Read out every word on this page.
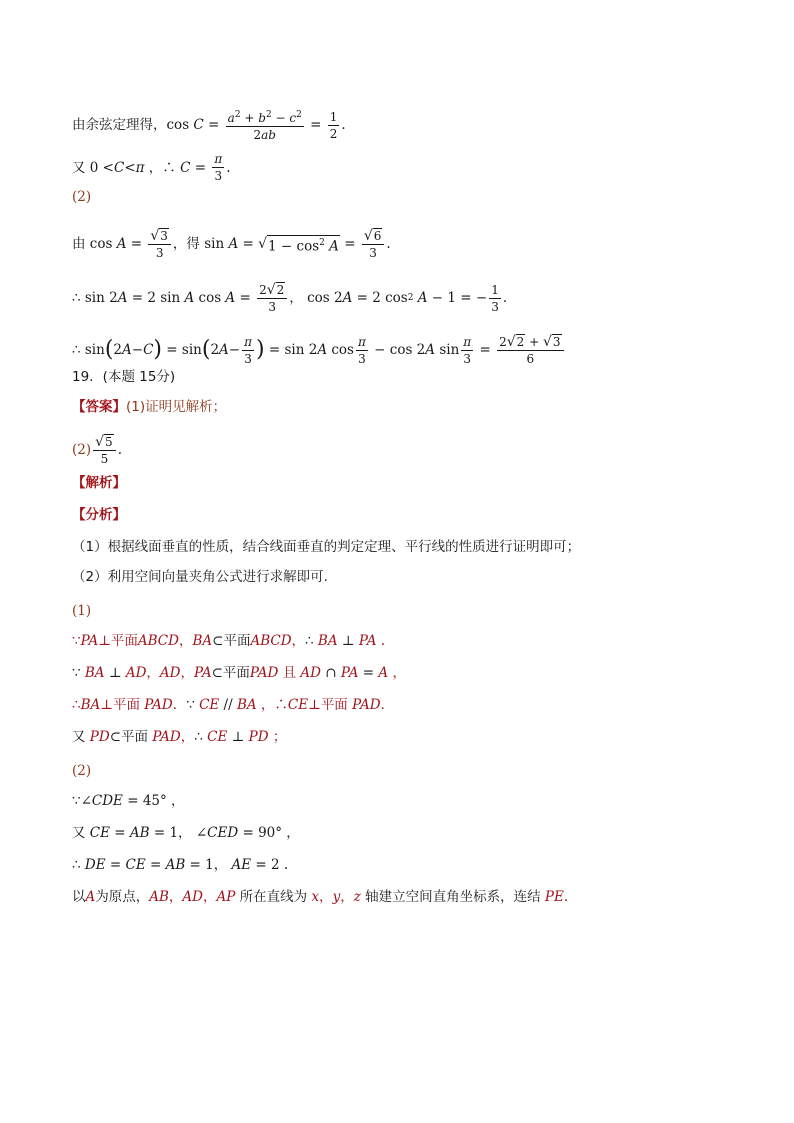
由余弦定理得， cos
$C = \frac{a^2 + b^2 - c^2}{2ab} = \frac{1}{2}$ .
又 0 < C < π ，∴ $C = \frac{\pi}{3}$ .
(2)
由 $\cos A = \frac{√ 3}{3}$ ，得 sin A = √ $1 - \cos^2 A = \frac{√ 6}{3}$ .
∴ sin 2 A = 2 sin A $\cos A = \frac{2 √ 2}{3}$ ， cos 2 A = 2 cos 2
A − 1 = − $\frac{1}{3}$ .
∴ sin ( 2 A − C ) = sin ( 2 $A - \frac{\pi}{3}$ ) = sin 2 A $\cos \frac{\pi}{3} - \cos 2$ A $\sin \frac{\pi}{3} = \frac{2 √ 2 + √ 3}{6}$
19．(本题 15分)
【答案】 (1)证明见解析；
$(2) \frac{√ 5}{5}$ .
【解析】
【分析】
（1）根据线面垂直的性质，结合线面垂直的判定定理、平行线的性质进行证明即可；
（2）利用空间向量夹角公式进行求解即可.
(1)
∵ PA ⊥ 平面 ABCD ， BA ⊂ 平面 ABCD ， ∴
BA ⊥ PA .
∵ BA ⊥ AD ， AD ， PA ⊂ 平面 PAD
且
AD ∩ PA = A ，
∴ BA ⊥ 平面
PAD ． ∵ CE // BA ，∴ CE ⊥ 平面
PAD .
又
PD ⊂ 平面
PAD ， ∴ CE ⊥ PD ；
(2)
∵∠ CDE = 45° ，
又
CE = AB = 1， ∠ CED = 90° ，
∴ DE = CE = AB = 1， AE = 2 .
以 A 为原点， AB ， AD ， AP
所在直线为
x ， y ， z
轴建立空间直角坐标系，连结
PE .
